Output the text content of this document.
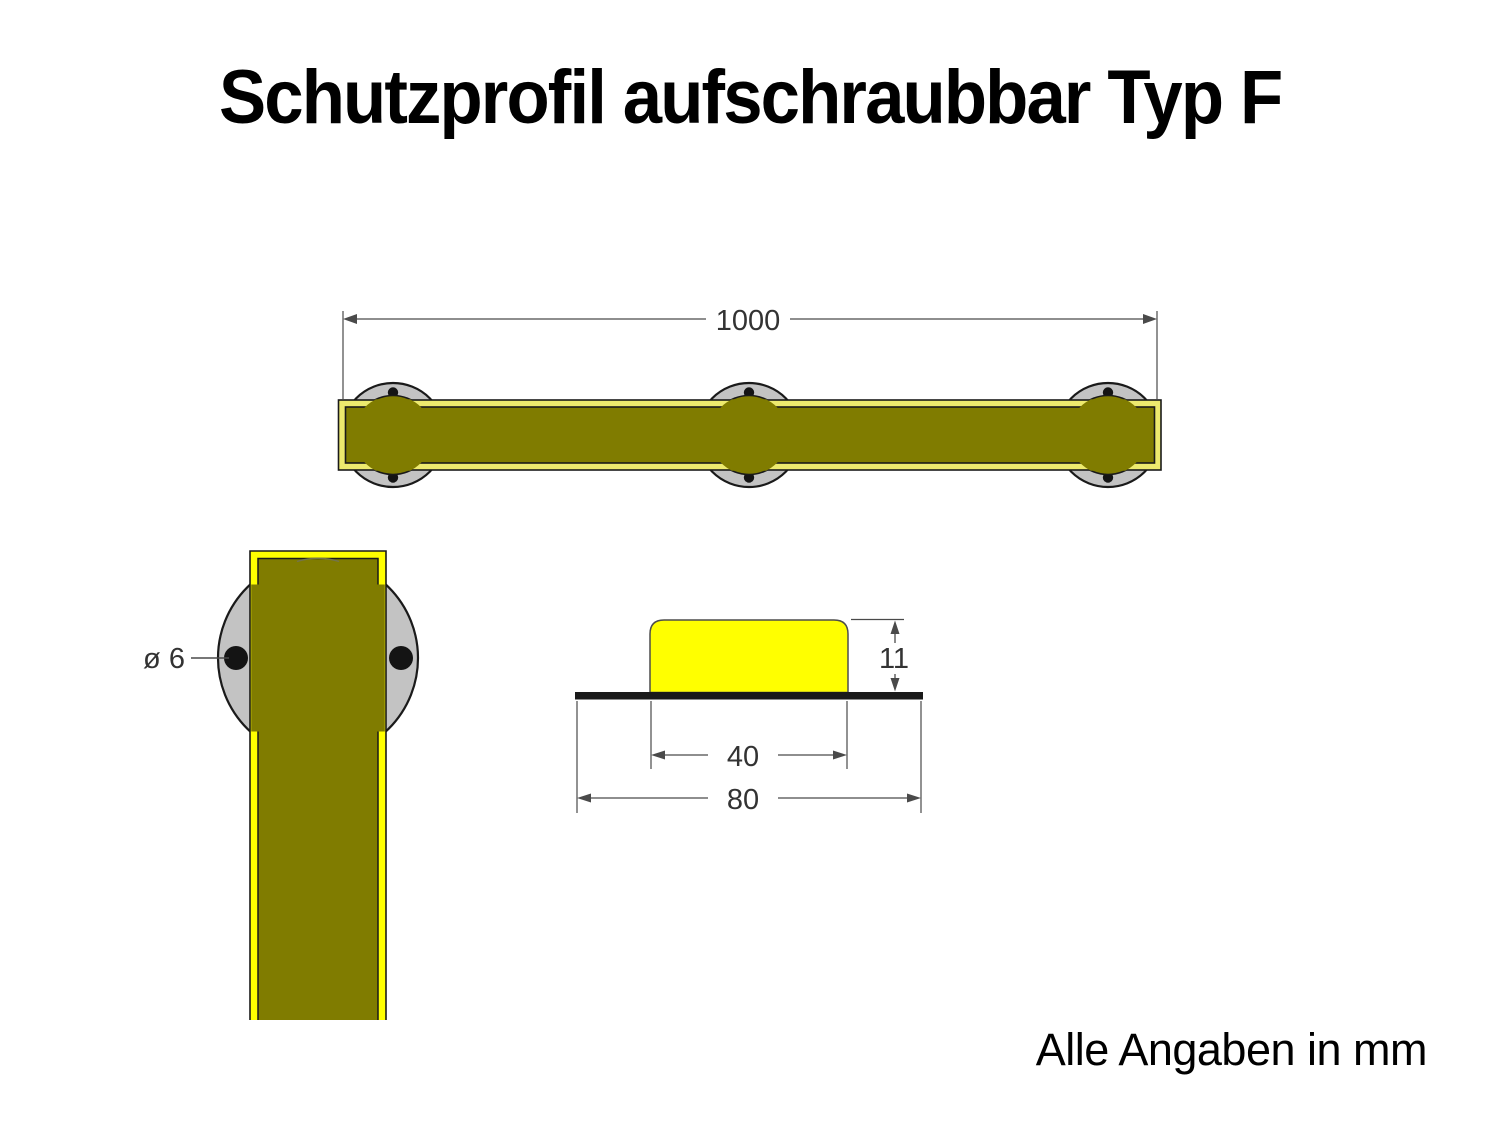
Schutzprofil aufschraubbar Typ F
1000
ø 6	11
40
80
Alle Angaben in mm
